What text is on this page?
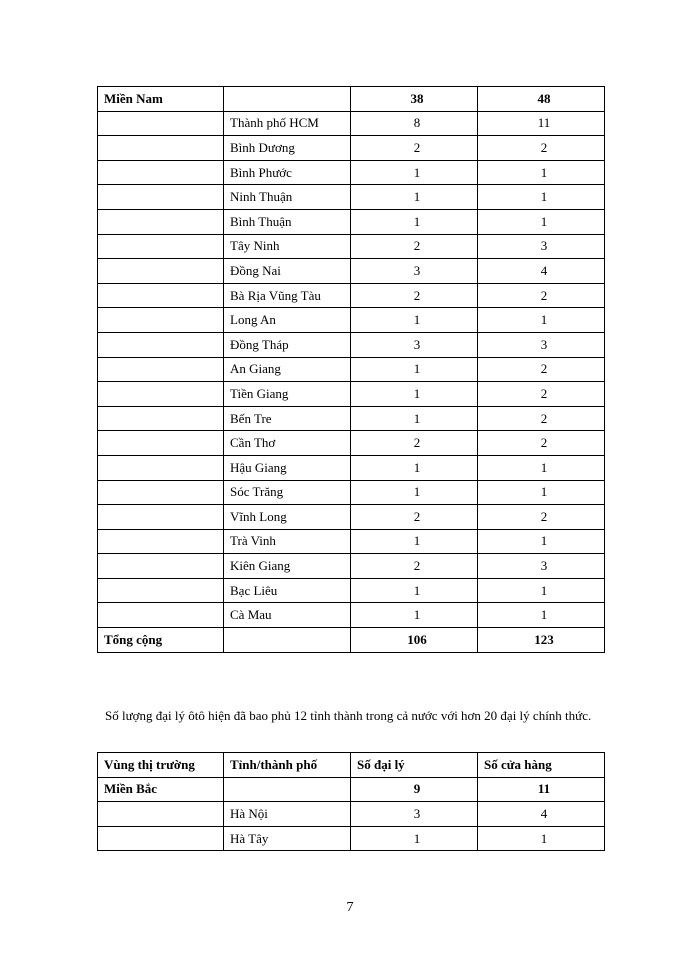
Miền Nam		38	48
	Thành phố HCM	8	11
	Bình Dương	2	2
	Bình Phước	1	1
	Ninh Thuận	1	1
	Bình Thuận	1	1
	Tây Ninh	2	3
	Đồng Nai	3	4
	Bà Rịa Vũng Tàu	2	2
	Long An	1	1
	Đồng Tháp	3	3
	An Giang	1	2
	Tiền Giang	1	2
	Bến Tre	1	2
	Cần Thơ	2	2
	Hậu Giang	1	1
	Sóc Trăng	1	1
	Vĩnh Long	2	2
	Trà Vinh	1	1
	Kiên Giang	2	3
	Bạc Liêu	1	1
	Cà Mau	1	1
Tổng cộng		106	123
Số lượng đại lý ôtô hiện đã bao phủ 12 tỉnh thành trong cả nước với hơn 20 đại lý chính thức.
Vùng thị trường	Tỉnh/thành phố	Số đại lý	Số cửa hàng
Miền Bắc		9	11
	Hà Nội	3	4
	Hà Tây	1	1
7
